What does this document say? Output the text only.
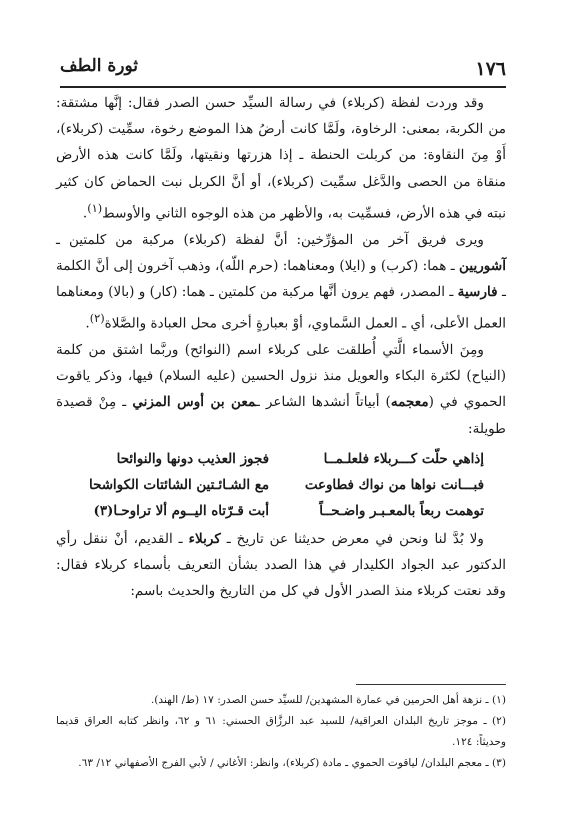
١٧٦
ثورة الطف

وقد وردت لفظة (كربلاء) في رسالة السيِّد حسن الصدر فقال: إنَّها مشتقة: من الكربة، بمعنى: الرخاوة، ولَمَّا كانت أرضُ هذا الموضع رخوة، سمِّيت (كربلاء)، أَوْ مِنَ النقاوة: من كربلت الحنطة ـ إذا هزرتها ونقيتها، ولَمَّا كانت هذه الأرض منقاة من الحصى والدَّغل سمِّيت (كربلاء)، أو أنَّ الكربل نبت الحماض كان كثير نبته في هذه الأرض، فسمِّيت به، والأظهر من هذه الوجوه الثاني والأوسط$^{(١)}$.

ويرى فريق آخر من المؤرِّخين: أنَّ لفظة (كربلاء) مركبة من كلمتين ـ آشوريين ـ هما: (كرب) و (ايلا) ومعناهما: (حرم اللّه)، وذهب آخرون إلى أنَّ الكلمة ـ فارسية ـ المصدر، فهم يرون أنَّها مركبة من كلمتين ـ هما: (كار) و (بالا) ومعناهما العمل الأعلى، أي ـ العمل السَّماوي، أوْ بعبارةٍ أخرى محل العبادة والصَّلاة$^{(٢)}$.

ومِنَ الأسماء الَّتي أُطلقت على كربلاء اسم (النوائح) وربَّما اشتق من كلمة (النياح) لكثرة البكاء والعويل منذ نزول الحسين (عليه السلام) فيها، وذكر ياقوت الحموي في (معجمه) أبياتاً أنشدها الشاعر ـمعن بن أوس المزني ـ مِنْ قصيدة طويلة:

إذاهي حلّت كـــربلاء فلعلـمــا
فجوز العذيب دونها والنوائحا
فبـــانت نواها من نواك فطاوعت
مع الشـائـتين الشائتات الكواشحا
توهمت ربعاً بالمعـبـر واضـحــاً
أبت قـرّتاه اليــوم ألا تراوحـا(٣)

ولا بُدَّ لنا ونحن في معرض حديثنا عن تاريخ ـ كربلاء ـ القديم، أنْ ننقل رأي الدكتور عبد الجواد الكليدار في هذا الصدد بشأن التعريف بأسماء كربلاء فقال: وقد نعتت كربلاء منذ الصدر الأول في كل من التاريخ والحديث باسم:

(١) ـ نزهة أهل الحرمين في عمارة المشهدين/ للسيِّد حسن الصدر: ١٧ (ط/ الهند).
(٢) ـ موجز تاريخ البلدان العراقية/ للسيد عبد الرزَّاق الحسني: ٦١ و ٦٢، وانظر كتابه العراق قديما وحديثاً: ١٢٤.
(٣) ـ معجم البلدان/ لياقوت الحموي ـ مادة (كربلاء)، وانظر: الأغاني / لأبي الفرج الأصفهاني ١٢/ ٦٣.
